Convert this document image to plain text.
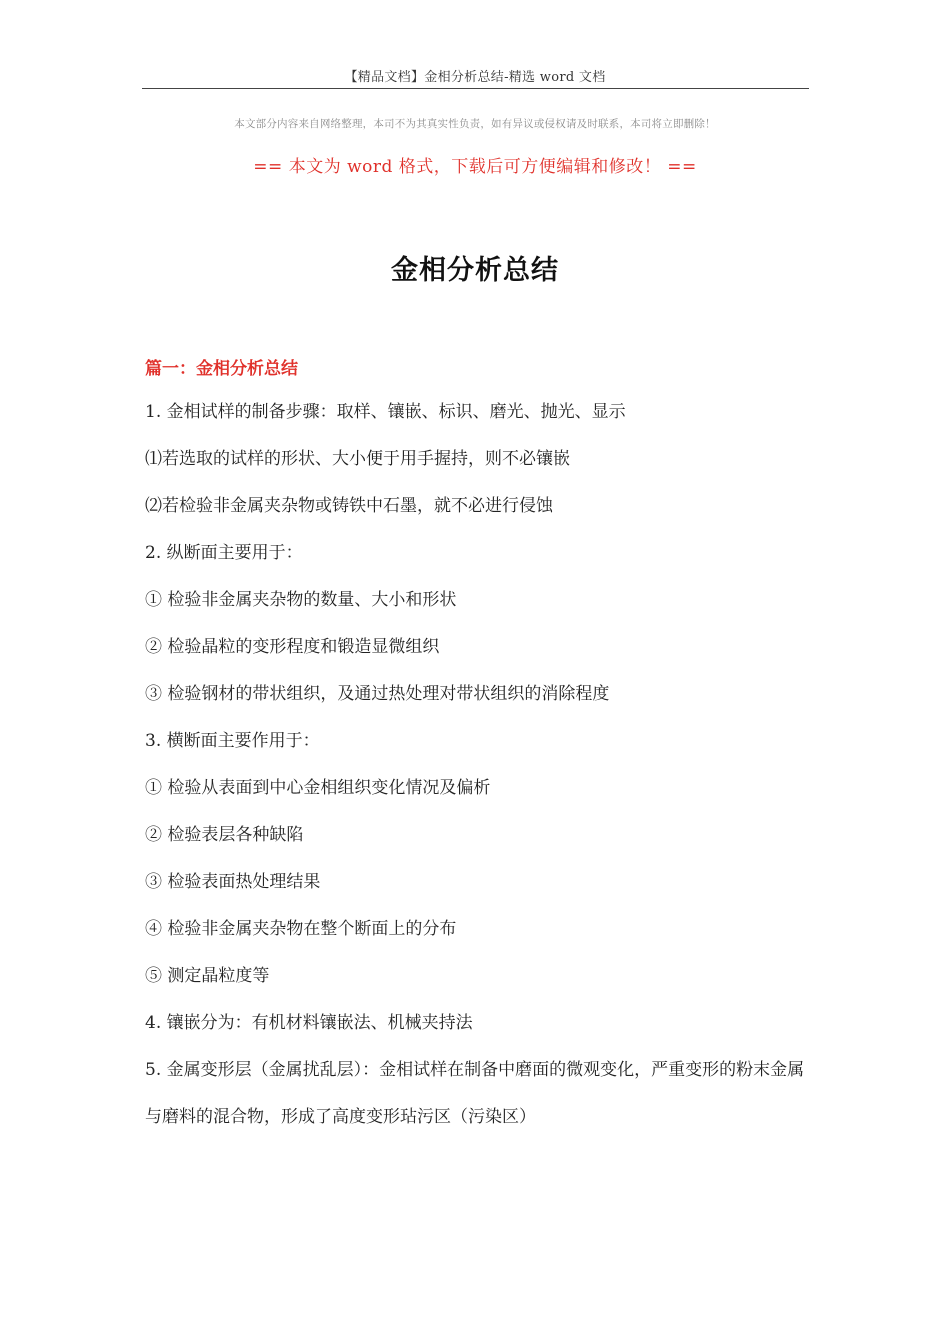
【精品文档】金相分析总结-精选 word 文档
本文部分内容来自网络整理，本司不为其真实性负责，如有异议或侵权请及时联系，本司将立即删除！
== 本文为 word 格式，下载后可方便编辑和修改！ ==
金相分析总结
篇一：金相分析总结

1. 金相试样的制备步骤：取样、镶嵌、标识、磨光、抛光、显示

⑴若选取的试样的形状、大小便于用手握持，则不必镶嵌

⑵若检验非金属夹杂物或铸铁中石墨，就不必进行侵蚀

2. 纵断面主要用于：

① 检验非金属夹杂物的数量、大小和形状

② 检验晶粒的变形程度和锻造显微组织

③ 检验钢材的带状组织，及通过热处理对带状组织的消除程度

3. 横断面主要作用于：

① 检验从表面到中心金相组织变化情况及偏析

② 检验表层各种缺陷

③ 检验表面热处理结果

④ 检验非金属夹杂物在整个断面上的分布

⑤ 测定晶粒度等

4. 镶嵌分为：有机材料镶嵌法、机械夹持法

5. 金属变形层（金属扰乱层）：金相试样在制备中磨面的微观变化，严重变形的粉末金属

与磨料的混合物，形成了高度变形玷污区（污染区）
